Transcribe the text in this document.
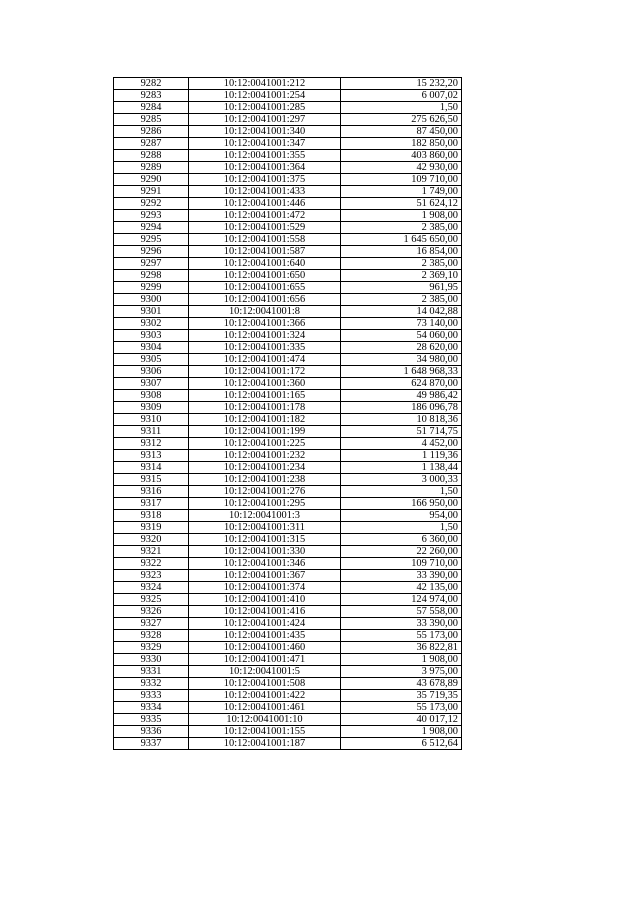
9282	10:12:0041001:212	15 232,20
9283	10:12:0041001:254	6 007,02
9284	10:12:0041001:285	1,50
9285	10:12:0041001:297	275 626,50
9286	10:12:0041001:340	87 450,00
9287	10:12:0041001:347	182 850,00
9288	10:12:0041001:355	403 860,00
9289	10:12:0041001:364	42 930,00
9290	10:12:0041001:375	109 710,00
9291	10:12:0041001:433	1 749,00
9292	10:12:0041001:446	51 624,12
9293	10:12:0041001:472	1 908,00
9294	10:12:0041001:529	2 385,00
9295	10:12:0041001:558	1 645 650,00
9296	10:12:0041001:587	16 854,00
9297	10:12:0041001:640	2 385,00
9298	10:12:0041001:650	2 369,10
9299	10:12:0041001:655	961,95
9300	10:12:0041001:656	2 385,00
9301	10:12:0041001:8	14 042,88
9302	10:12:0041001:366	73 140,00
9303	10:12:0041001:324	54 060,00
9304	10:12:0041001:335	28 620,00
9305	10:12:0041001:474	34 980,00
9306	10:12:0041001:172	1 648 968,33
9307	10:12:0041001:360	624 870,00
9308	10:12:0041001:165	49 986,42
9309	10:12:0041001:178	186 096,78
9310	10:12:0041001:182	10 818,36
9311	10:12:0041001:199	51 714,75
9312	10:12:0041001:225	4 452,00
9313	10:12:0041001:232	1 119,36
9314	10:12:0041001:234	1 138,44
9315	10:12:0041001:238	3 000,33
9316	10:12:0041001:276	1,50
9317	10:12:0041001:295	166 950,00
9318	10:12:0041001:3	954,00
9319	10:12:0041001:311	1,50
9320	10:12:0041001:315	6 360,00
9321	10:12:0041001:330	22 260,00
9322	10:12:0041001:346	109 710,00
9323	10:12:0041001:367	33 390,00
9324	10:12:0041001:374	42 135,00
9325	10:12:0041001:410	124 974,00
9326	10:12:0041001:416	57 558,00
9327	10:12:0041001:424	33 390,00
9328	10:12:0041001:435	55 173,00
9329	10:12:0041001:460	36 822,81
9330	10:12:0041001:471	1 908,00
9331	10:12:0041001:5	3 975,00
9332	10:12:0041001:508	43 678,89
9333	10:12:0041001:422	35 719,35
9334	10:12:0041001:461	55 173,00
9335	10:12:0041001:10	40 017,12
9336	10:12:0041001:155	1 908,00
9337	10:12:0041001:187	6 512,64
